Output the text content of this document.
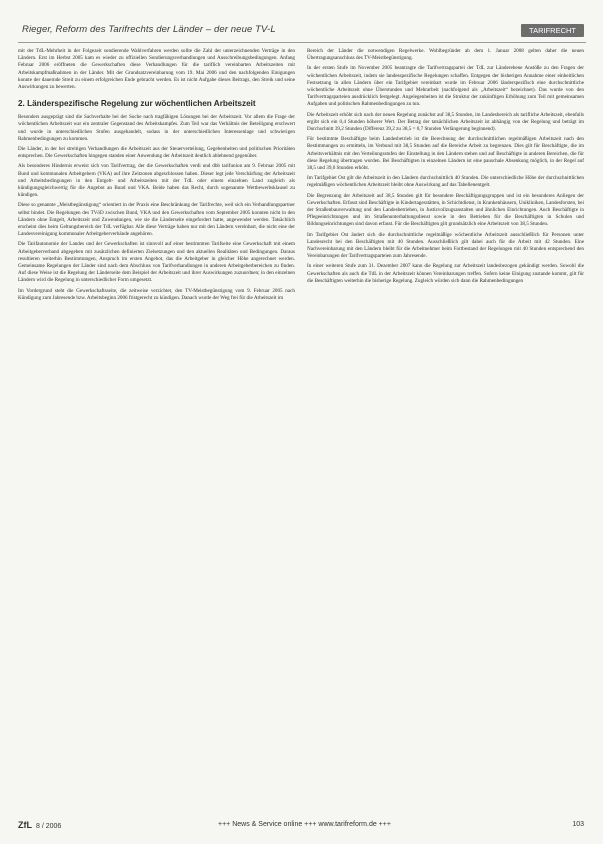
Rieger, Reform des Tarifrechts der Länder – der neue TV-L	TARIFRECHT

mit der TdL-Mehrheit in der Folgezeit sondierende Wahlverfahren werden sollte die Zahl der unterzeichnenden Verträge in den Ländern. Erst im Herbst 2005 kam es wieder zu offiziellen Sondierungsverhandlungen und Ausschreibungsbedingungen. Anfang Februar 2006 eröffneten die Gewerkschaften diese Verhandlungen für die tariflich vereinbarten Arbeitszeiten mit Arbeitskampfmaßnahmen in der Länder. Mit der Grundsatzvereinbarung vom 19. Mai 2006 und den nachfolgenden Einigungen konnte der dauernde Streit zu einem erfolgreichen Ende gebracht werden. Es ist nicht Aufgabe dieses Beitrags, den Streik und seine Auswirkungen zu bewerten.

2. Länderspezifische Regelung zur wöchentlichen Arbeitszeit

Besonders ausgeprägt sind die Sachverhalte bei der Suche nach tragfähigen Lösungen bei der Arbeitszeit. Vor allem die Frage der wöchentlichen Arbeitszeit war ein zentraler Gegenstand des Arbeitskampfes. Zum Teil war das Verhältnis der Beteiligung erschwert und wurde in unterschiedlichen Stufen ausgehandelt, sodass in der unterschiedlichen Interessenlage und schwierigen Rahmenbedingungen zu kommen.

Die Länder, in der bei streitigen Verhandlungen die Arbeitszeit aus der Steuerverteilung, Gegebenheiten und politischen Prioritäten entsprechen. Die Gewerkschaften hingegen standen einer Anwendung der Arbeitszeit deutlich ablehnend gegenüber.

Als besonderes Hindernis erweist sich von Tarifvertrag, der die Gewerkschaften verdi und dbb tarifunion am 9. Februar 2005 mit Bund und kommunalen Arbeitgebern (VKA) auf ihre Zeitzonen abgeschlossen haben. Dieser legt jede Verschärfung der Arbeitszeit und Arbeitsbedingungen in den Entgelt- und Arbeitszeiten mit der TdL oder einem einzelnen Land zugleich als kündigungsgleichwertig für die Angebot an Bund und VKA. Beide haben das Recht, durch sogenannte Wettbewerbsklausel zu kündigen.

Diese so genannte „Meistbegünstigung“ orientiert in der Praxis eine Beschränkung der Tarifrechte, weil sich ein Verhandlungspartner selbst bindet. Die Regelungen des TVöD zwischen Bund, VKA und den Gewerkschaften vom September 2005 konnten nicht in den Ländern ohne Entgelt, Arbeitszeit und Zuwendungen, wie sie die Länderseite eingefordert hatte, angewendet werden. Tatsächlich erscheint dies beim Geltungsbereich der TdL verfügbar. Alle diese Verträge haben nur mit den Ländern vereinbart, die nicht eine der Landesvereinigung kommunaler Arbeitgeberverbände angehören.

Die Tarifautonomie der Landes und der Gewerkschaften ist sinnvoll auf einer bestimmten Tarifseite eine Gewerkschaft mit einem Arbeitgeberverband abgegeben mit zusätzlichen definierten Zielsetzungen und den aktuellen Realitäten und Bedingungen. Daraus resultieren weiterhin Bestimmungen, Anspruch im ersten Angebot, das die Arbeitgeber in gleicher Höhe angerechnet werden. Gemeinsame Regelungen der Länder sind nach dem Abschluss von Tarifverhandlungen in anderen Arbeitgeberbereichen zu finden. Auf diese Weise ist die Regelung der Länderseite dem Beispiel der Arbeitszeit und ihrer Auswirkungen zuzuordnen; in den einzelnen Ländern wird die Regelung in unterschiedlicher Form umgesetzt.

Im Vordergrund steht die Gewerkschaftsseite, die zeitweise verzichtet, den TV-Meistbegünstigung vom 9. Februar 2005 nach Kündigung zum Jahresende bzw. Arbeitsbeginn 2006 fristgerecht zu kündigen. Danach wurde der Weg frei für die Arbeitszeit im

Bereich der Länder die notwendigen Regelwerke. Wohlbegründet ab dem 1. Januar 2008 gelten daher die neuen Übertragungsanschluss des TV-Meistbegünstigung.

In der ersten Stufe im November 2005 beantragte die Tarifvertragspartei der TdL zur Länderebene Anstöße zu den Fragen der wöchentlichen Arbeitszeit, indem sie landesspezifische Regelungen schaffen. Entgegen der bisherigen Annahme einer einheitlichen Festsetzung in allen Ländern über ein Tarifgebiet vereinbart wurde im Februar 2006 länderspezifisch eine durchschnittliche wöchentliche Arbeitszeit ohne Überstunden und Mehrarbeit (nachfolgend als „Arbeitszeit“ bezeichnet). Das wurde von den Tarifvertragsparteien ausdrücklich festgelegt. Angelegenheiten ist die Struktur der zukünftigen Erhöhung zum Teil mit gemeinsamen Aufgaben und politischen Rahmenbedingungen zu tun.

Die Arbeitszeit erhöht sich nach der neuen Regelung zunächst auf 38,5 Stunden, im Landesbereich als tarifliche Arbeitszeit, ebenfalls ergibt sich ein 0,4 Stunden höherer Wert. Der Betrag der tatsächlichen Arbeitszeit ist abhängig von der Regelung und beträgt im Durchschnitt 39,2 Stunden (Differenz 39,2 zu 38,5 = 0,7 Stunden Verlängerung beginnend).

Für bestimmte Beschäftigte beim Landesbetrieb ist die Berechnung der durchschnittlichen regelmäßigen Arbeitszeit nach den Bestimmungen zu ermitteln, im Verbund mit 38,5 Stunden auf die Bereiche Arbeit zu begrenzen. Dies gilt für Beschäftigte, die im Arbeitsverhältnis mit den Verteilungsstufen der Einstellung in den Ländern stehen und auf Beschäftigte in anderen Bereichen, die für diese Regelung übertragen wurden. Bei Beschäftigten in einzelnen Ländern ist eine pauschale Absenkung möglich, in der Regel auf 38,5 und 39,0 Stunden erhöht.

Im Tarifgebiet Ost gilt die Arbeitszeit in den Ländern durchschnittlich 40 Stunden. Die unterschiedliche Höhe der durchschnittlichen regelmäßigen wöchentlichen Arbeitszeit bleibt ohne Auswirkung auf das Tabellenentgelt.

Die Begrenzung der Arbeitszeit auf 38,5 Stunden gilt für besondere Beschäftigungsgruppen und ist ein besonderes Anliegen der Gewerkschaften. Erfasst sind Beschäftigte in Kindertagesstätten, in Schichtdienst, in Krankenhäusern, Unikliniken, Landesforsten, bei der Straßenbauverwaltung und den Landesbetrieben, in Justizvollzugsanstalten und ähnlichen Einrichtungen. Auch Beschäftigte in Pflegeeinrichtungen und im Straßenunterhaltungsdienst sowie in den Betrieben für die Beschäftigten in Schulen und Bildungseinrichtungen sind davon erfasst. Für die Beschäftigten gilt grundsätzlich eine Arbeitszeit von 38,5 Stunden.

Im Tarifgebiet Ost ändert sich die durchschnittliche regelmäßige wöchentliche Arbeitszeit ausschließlich für Personen unter Landesrecht bei den Beschäftigten mit 40 Stunden. Ausschließlich gilt dabei auch für die Arbeit mit 42 Stunden. Eine Nachvereinbarung mit den Ländern bleibt für die Arbeitnehmer beim Fortbestand der Regelungen mit 40 Stunden entsprechend den Vereinbarungen der Tarifvertragsparteien zum Jahresende.

In einer weiteren Stufe zum 31. Dezember 2007 kann die Regelung zur Arbeitszeit landesbezogen gekündigt werden. Sowohl die Gewerkschaften als auch die TdL in der Arbeitszeit können Vereinbarungen treffen. Sofern keine Einigung zustande kommt, gilt für die Beschäftigten weiterhin die bisherige Regelung. Zugleich würden sich dann die Rahmenbedingungen

ZfL 8 / 2006	+++ News & Service online +++ www.tarifreform.de +++	103
